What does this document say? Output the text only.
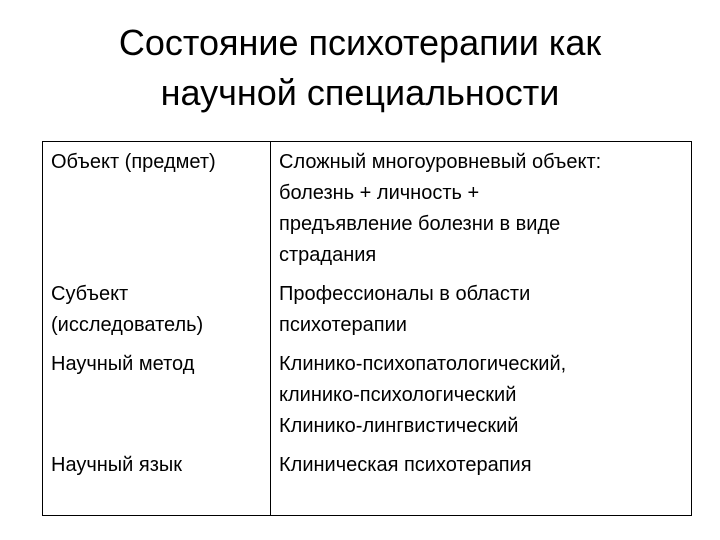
Состояние психотерапии как
научной специальности
Объект (предмет)	Сложный многоуровневый объект:
болезнь + личность +
предъявление болезни в виде
страдания

Субъект
(исследователь)	Профессионалы в области
психотерапии

Научный метод	Клинико-психопатологический,
клинико-психологический
Клинико-лингвистический

Научный язык	Клиническая психотерапия
